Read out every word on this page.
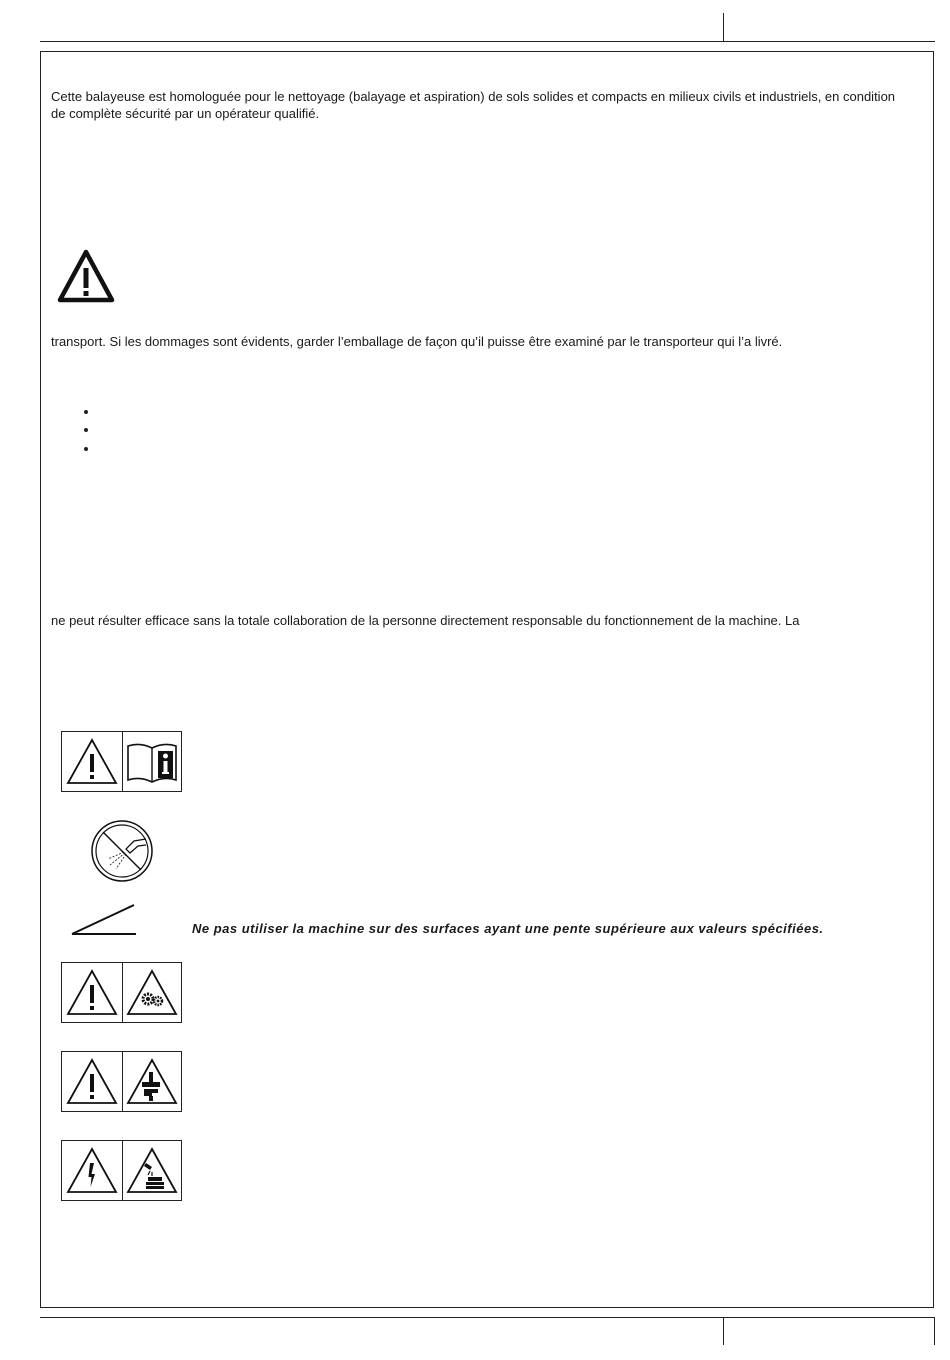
Cette balayeuse est homologuée pour le nettoyage (balayage et aspiration) de sols solides et compacts en milieux civils et industriels, en condition de complète sécurité par un opérateur qualifié.
transport. Si les dommages sont évidents, garder l’emballage de façon qu’il puisse être examiné par le transporteur qui l’a livré.
ne peut résulter efficace sans la totale collaboration de la personne directement responsable du fonctionnement de la machine. La
Ne pas utiliser la machine sur des surfaces ayant une pente supérieure aux valeurs spécifiées.
